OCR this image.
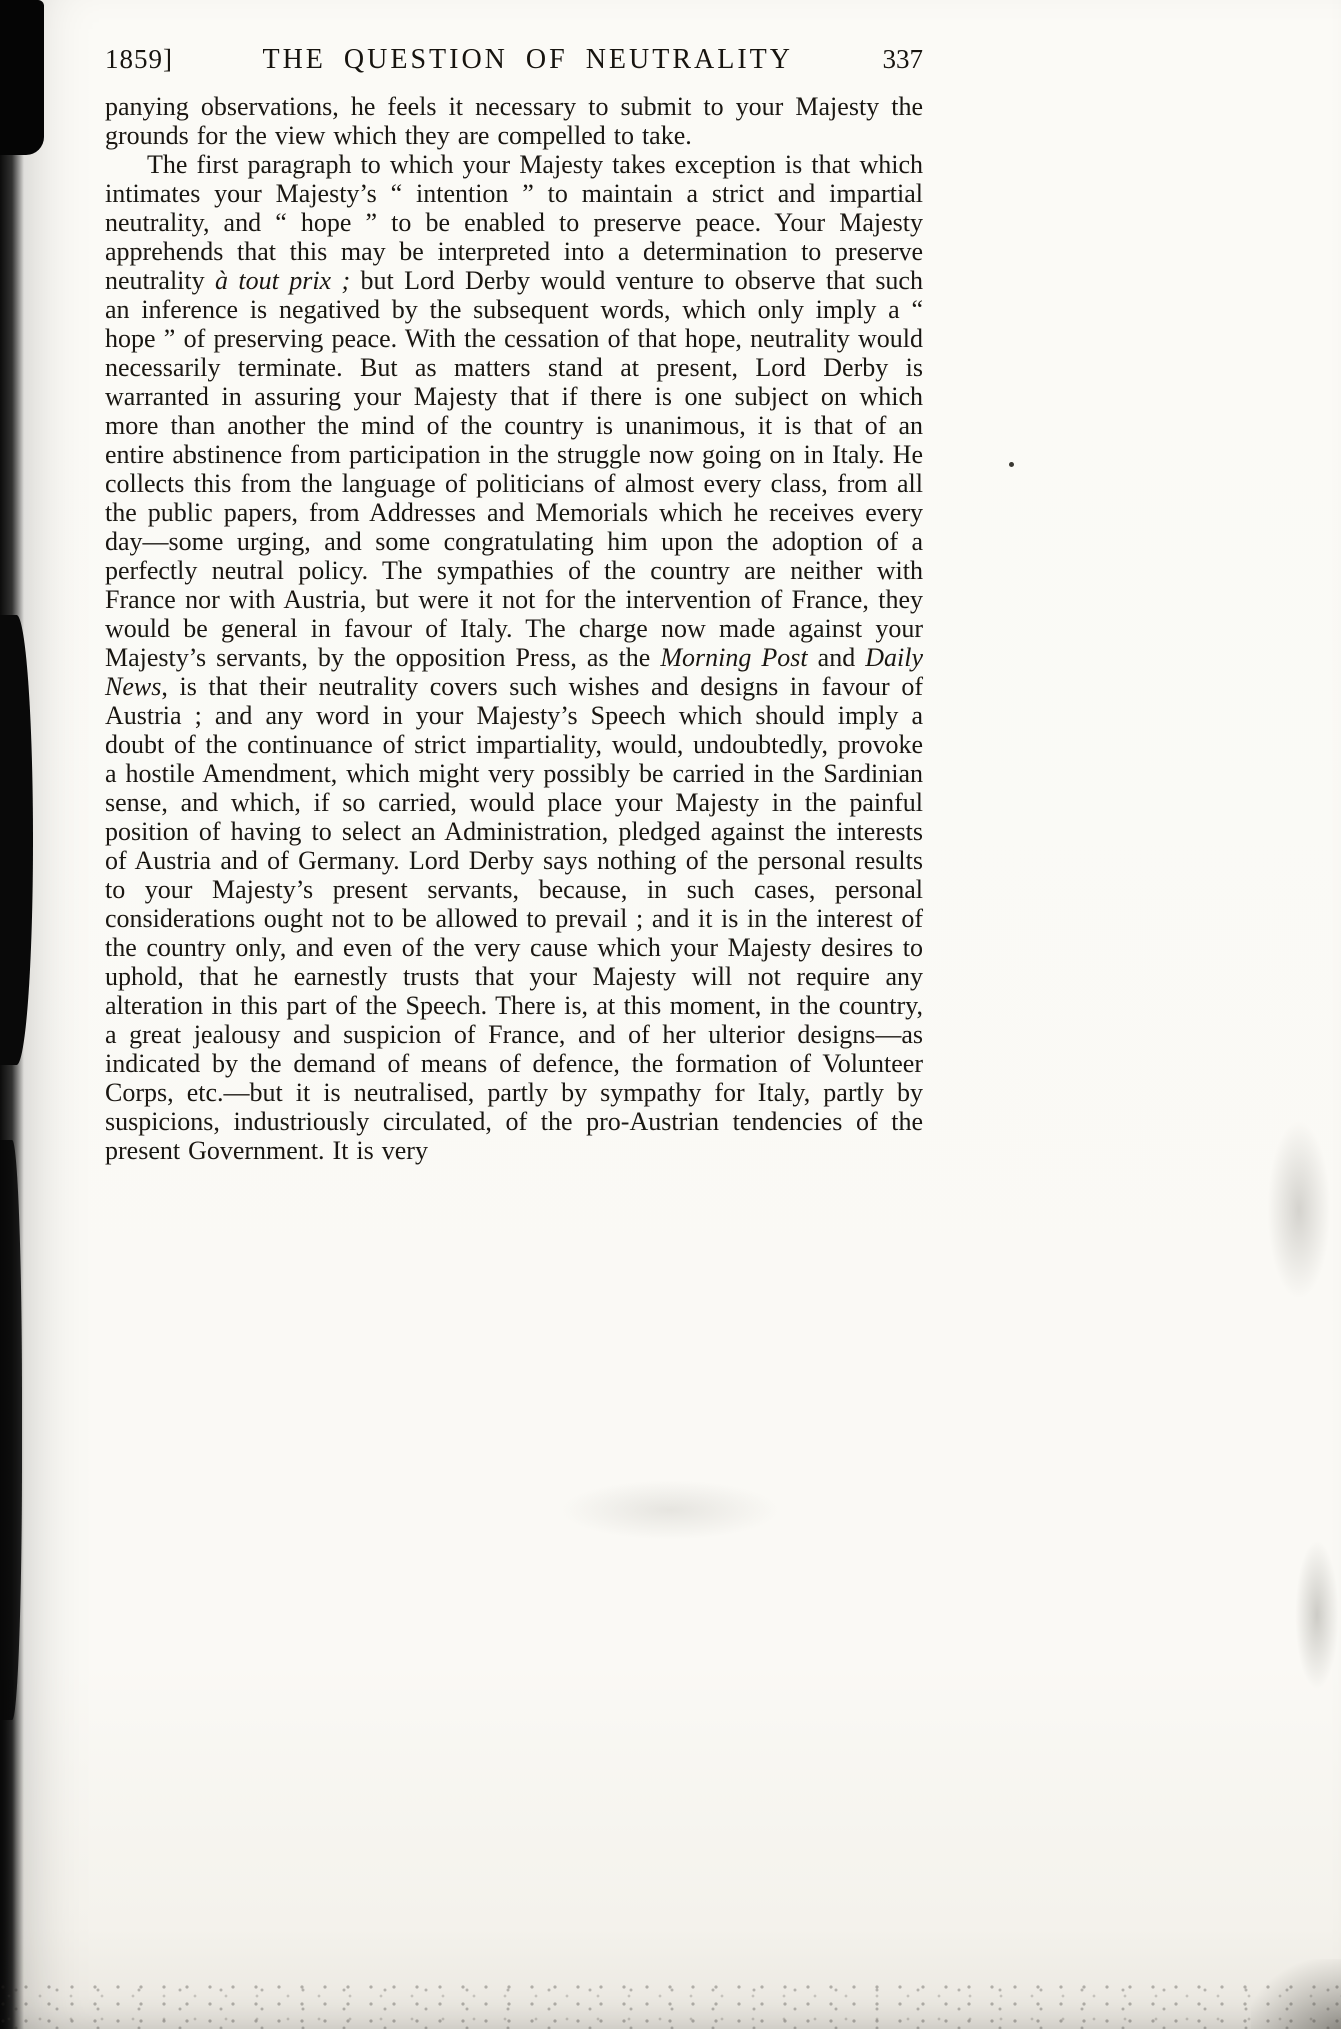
1859]	THE QUESTION OF NEUTRALITY	337

panying observations, he feels it necessary to submit to your Majesty the grounds for the view which they are compelled to take.

The first paragraph to which your Majesty takes exception is that which intimates your Majesty’s “ intention ” to maintain a strict and impartial neutrality, and “ hope ” to be enabled to preserve peace. Your Majesty apprehends that this may be interpreted into a determination to preserve neutrality à tout prix ; but Lord Derby would venture to observe that such an inference is negatived by the subsequent words, which only imply a “ hope ” of preserving peace. With the cessation of that hope, neutrality would necessarily terminate. But as matters stand at present, Lord Derby is warranted in assuring your Majesty that if there is one subject on which more than another the mind of the country is unanimous, it is that of an entire abstinence from participation in the struggle now going on in Italy. He collects this from the language of politicians of almost every class, from all the public papers, from Addresses and Memorials which he receives every day—some urging, and some congratulating him upon the adoption of a perfectly neutral policy. The sympathies of the country are neither with France nor with Austria, but were it not for the intervention of France, they would be general in favour of Italy. The charge now made against your Majesty’s servants, by the opposition Press, as the Morning Post and Daily News, is that their neutrality covers such wishes and designs in favour of Austria ; and any word in your Majesty’s Speech which should imply a doubt of the continuance of strict impartiality, would, undoubtedly, provoke a hostile Amendment, which might very possibly be carried in the Sardinian sense, and which, if so carried, would place your Majesty in the painful position of having to select an Administration, pledged against the interests of Austria and of Germany. Lord Derby says nothing of the personal results to your Majesty’s present servants, because, in such cases, personal considerations ought not to be allowed to prevail ; and it is in the interest of the country only, and even of the very cause which your Majesty desires to uphold, that he earnestly trusts that your Majesty will not require any alteration in this part of the Speech. There is, at this moment, in the country, a great jealousy and suspicion of France, and of her ulterior designs—as indicated by the demand of means of defence, the formation of Volunteer Corps, etc.—but it is neutralised, partly by sympathy for Italy, partly by suspicions, industriously circulated, of the pro-Austrian tendencies of the present Government. It is very
